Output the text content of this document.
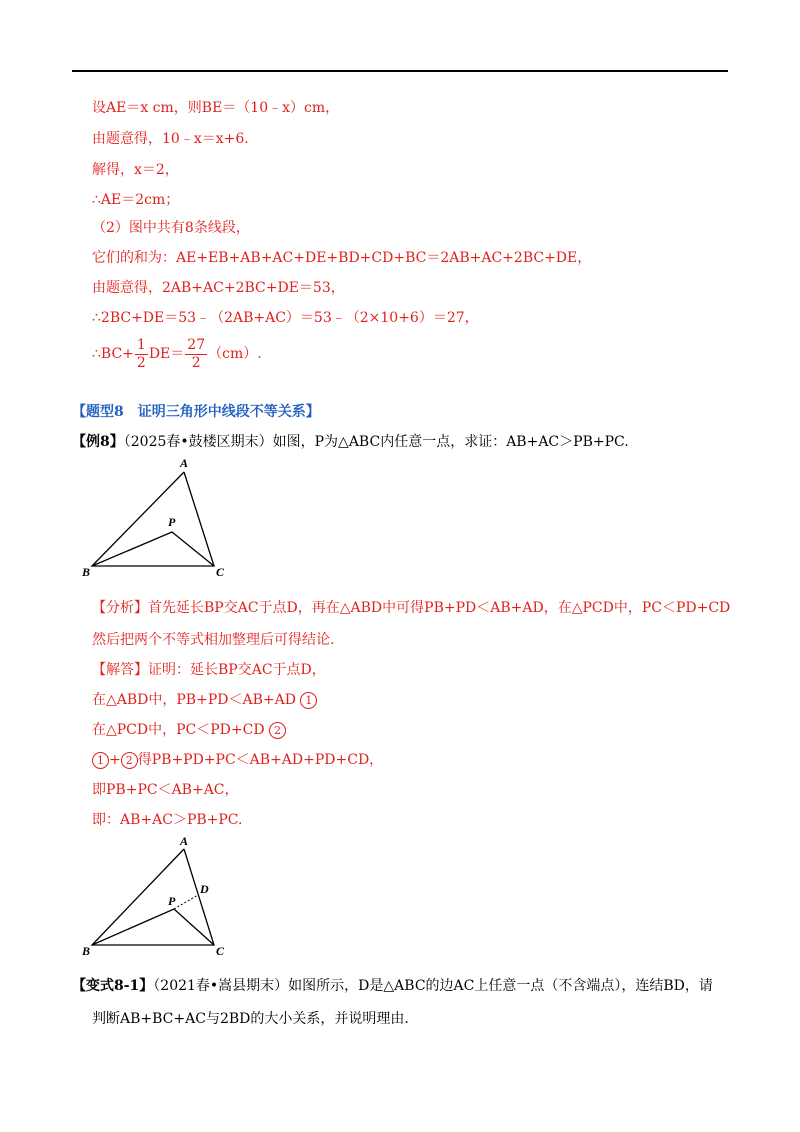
设AE＝x cm，则BE＝（10﹣x）cm，
由题意得，10﹣x＝x+6.
解得，x＝2，
∴AE＝2cm；
（2）图中共有8条线段，
它们的和为：AE+EB+AB+AC+DE+BD+CD+BC＝2AB+AC+2BC+DE，
由题意得，2AB+AC+2BC+DE＝53，
∴2BC+DE＝53﹣（2AB+AC）＝53﹣（2×10+6）＝27，
∴BC+ $\frac{1}{2} DE= \frac{27}{2} (cm)$.
【题型8　证明三角形中线段不等关系】
【例8】（2025春•鼓楼区期末）如图，P为△ABC内任意一点，求证：AB+AC＞PB+PC.
A
B	C
P
【分析】首先延长BP交AC于点D，再在△ABD中可得PB+PD＜AB+AD，在△PCD中，PC＜PD+CD
然后把两个不等式相加整理后可得结论.
【解答】证明：延长BP交AC于点D，
在△ABD中，PB+PD＜AB+AD 1
在△PCD中，PC＜PD+CD 2
1 + 2 得PB+PD+PC＜AB+AD+PD+CD，
即PB+PC＜AB+AC，
即：AB+AC＞PB+PC.
A
B	C
P
D
【变式8-1】（2021春•嵩县期末）如图所示，D是△ABC的边AC上任意一点（不含端点），连结BD，请
判断AB+BC+AC与2BD的大小关系，并说明理由.
